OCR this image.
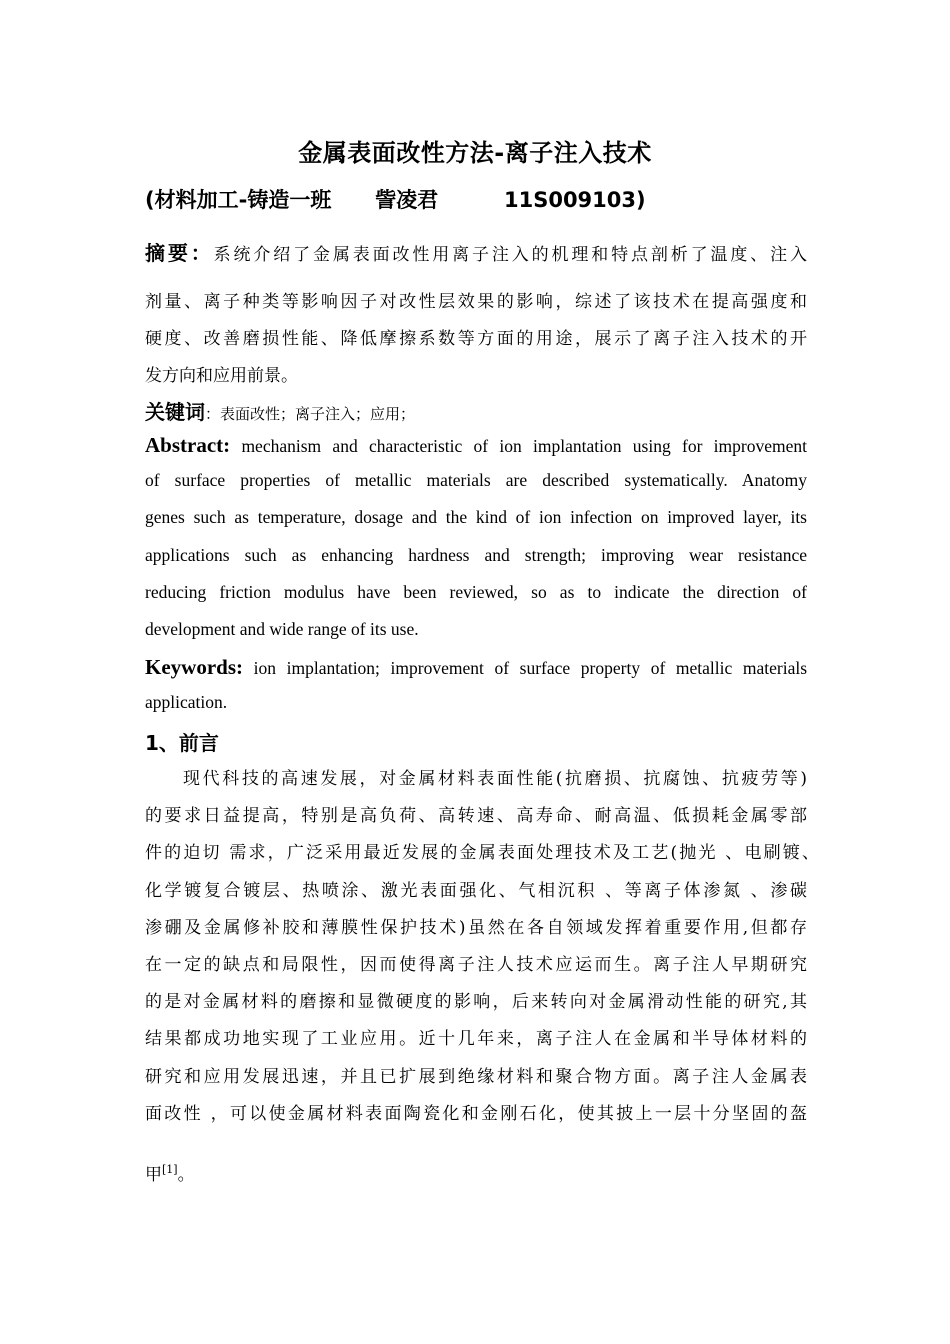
金属表面改性方法-离子注入技术
(材料加工-铸造一班      訾凌君         11S009103)
摘要：系统介绍了金属表面改性用离子注入的机理和特点剖析了温度、注入
剂量、离子种类等影响因子对改性层效果的影响，综述了该技术在提高强度和
硬度、改善磨损性能、降低摩擦系数等方面的用途，展示了离子注入技术的开
发方向和应用前景。
关键词：表面改性；离子注入；应用；
Abstract: mechanism and characteristic of ion implantation using for improvement
of surface properties of metallic materials are described systematically. Anatomy
genes such as temperature, dosage and the kind of ion infection on improved layer, its
applications such as enhancing hardness and strength; improving wear resistance
reducing friction modulus have been reviewed, so as to indicate the direction of
development and wide range of its use.
Keywords: ion implantation; improvement of surface property of metallic materials
application.
1、前言
现代科技的高速发展，对金属材料表面性能(抗磨损、抗腐蚀、抗疲劳等)
的要求日益提高，特别是高负荷、高转速、高寿命、耐高温、低损耗金属零部
件的迫切 需求，广泛采用最近发展的金属表面处理技术及工艺(抛光 、电刷镀、
化学镀复合镀层、热喷涂、激光表面强化、气相沉积 、等离子体渗氮 、渗碳
渗硼及金属修补胶和薄膜性保护技术)虽然在各自领域发挥着重要作用,但都存
在一定的缺点和局限性，因而使得离子注人技术应运而生。离子注人早期研究
的是对金属材料的磨擦和显微硬度的影响，后来转向对金属滑动性能的研究,其
结果都成功地实现了工业应用。近十几年来，离子注人在金属和半导体材料的
研究和应用发展迅速，并且已扩展到绝缘材料和聚合物方面。离子注人金属表
面改性 ，可以使金属材料表面陶瓷化和金刚石化，使其披上一层十分坚固的盔
甲[1]。
